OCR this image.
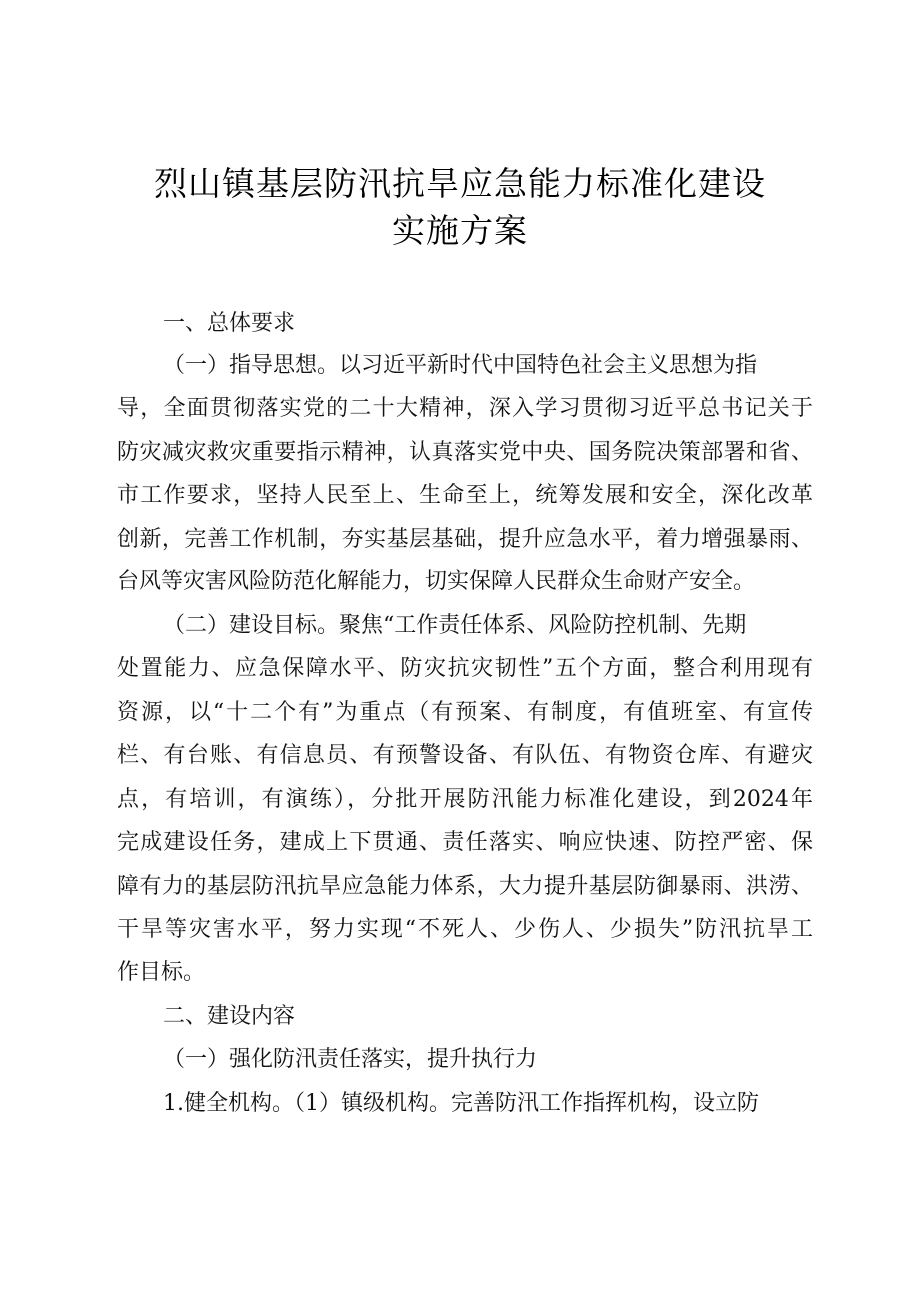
烈山镇基层防汛抗旱应急能力标准化建设
实施方案
一、总体要求
（一）指导思想。以习近平新时代中国特色社会主义思想为指
导，全面贯彻落实党的二十大精神，深入学习贯彻习近平总书记关于
防灾减灾救灾重要指示精神，认真落实党中央、国务院决策部署和省、
市工作要求，坚持人民至上、生命至上，统筹发展和安全，深化改革
创新，完善工作机制，夯实基层基础，提升应急水平，着力增强暴雨、
台风等灾害风险防范化解能力，切实保障人民群众生命财产安全。
（二）建设目标。聚焦“工作责任体系、风险防控机制、先期
处置能力、应急保障水平、防灾抗灾韧性”五个方面，整合利用现有
资源，以“十二个有”为重点（有预案、有制度，有值班室、有宣传
栏、有台账、有信息员、有预警设备、有队伍、有物资仓库、有避灾
点，有培训，有演练），分批开展防汛能力标准化建设，到2024年
完成建设任务，建成上下贯通、责任落实、响应快速、防控严密、保
障有力的基层防汛抗旱应急能力体系，大力提升基层防御暴雨、洪涝、
干旱等灾害水平，努力实现“不死人、少伤人、少损失”防汛抗旱工
作目标。
二、建设内容
（一）强化防汛责任落实，提升执行力
1.健全机构。（1）镇级机构。完善防汛工作指挥机构，设立防
